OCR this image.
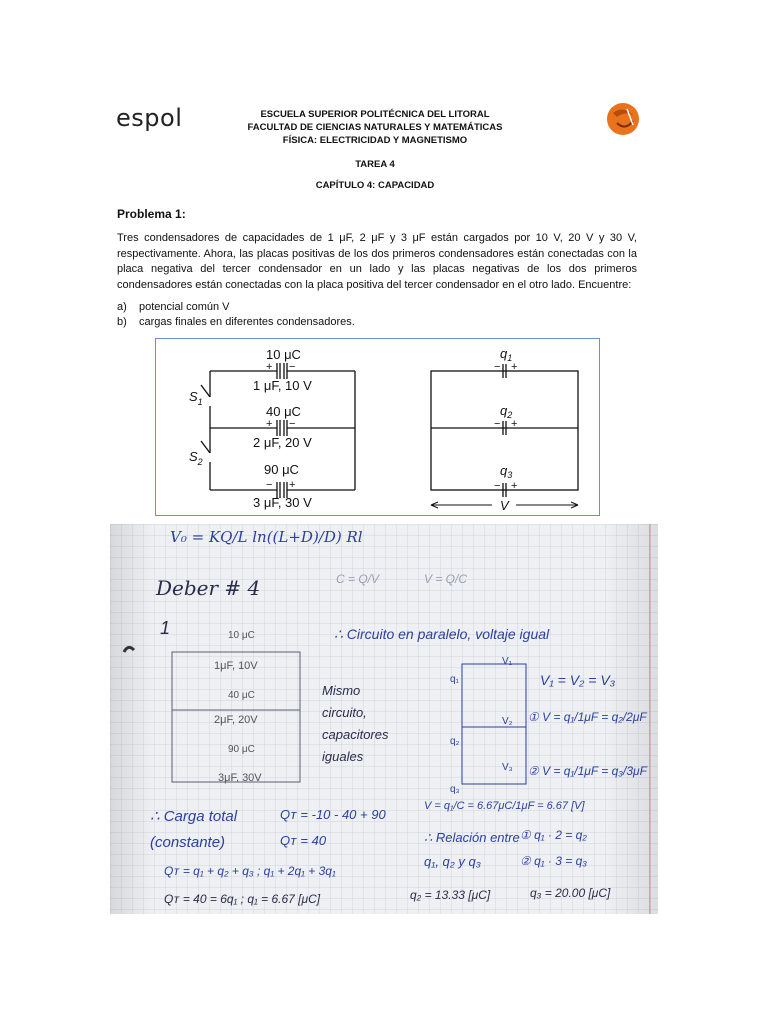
espol	ESCUELA SUPERIOR POLITÉCNICA DEL LITORAL
FACULTAD DE CIENCIAS NATURALES Y MATEMÁTICAS
FÍSICA: ELECTRICIDAD Y MAGNETISMO
TAREA 4
CAPÍTULO 4: CAPACIDAD
Problema 1:
Tres condensadores de capacidades de 1 μF, 2 μF y 3 μF están cargados por 10 V, 20 V y 30 V, respectivamente. Ahora, las placas positivas de los dos primeros condensadores están conectadas con la placa negativa del tercer condensador en un lado y las placas negativas de los dos primeros condensadores están conectadas con la placa positiva del tercer condensador en el otro lado. Encuentre:
a) potencial común V
b) cargas finales en diferentes condensadores.
10 μC
+ −
1 μF, 10 V
$S_1$
40 μC
+ −
2 μF, 20 V
$S_2$	90 μC
− +
3 μF, 30 V
$q_1$
− +
$q_2$
− +
$q_3$
− +
V
V₀ = KQ/L ln((L+D)/D) Rl
Deber # 4	C = Q/V	V = Q/C
1	∴ Circuito en paralelo, voltaje igual
10 μC
1μF, 10V
40 μC
2μF, 20V
90 μC
3μF, 30V
Mismo
circuito,
capacitores
iguales
q₁
V₁
q₂
V₂
q₃
V₃
V₁ = V₂ = V₃
① V = q₁/1μF = q₂/2μF
② V = q₁/1μF = q₃/3μF
∴ Carga total
(constante)
Qᴛ = -10 - 40 + 90
Qᴛ = 40
V = q₁/C = 6.67μC/1μF = 6.67 [V]
∴ Relación entre
q₁, q₂ y q₃
① q₁ · 2 = q₂
② q₁ · 3 = q₃
Qᴛ = q₁ + q₂ + q₃ ; q₁ + 2q₁ + 3q₁
Qᴛ = 40 = 6q₁ ; q₁ = 6.67 [μC]	q₂ = 13.33 [μC]	q₃ = 20.00 [μC]
